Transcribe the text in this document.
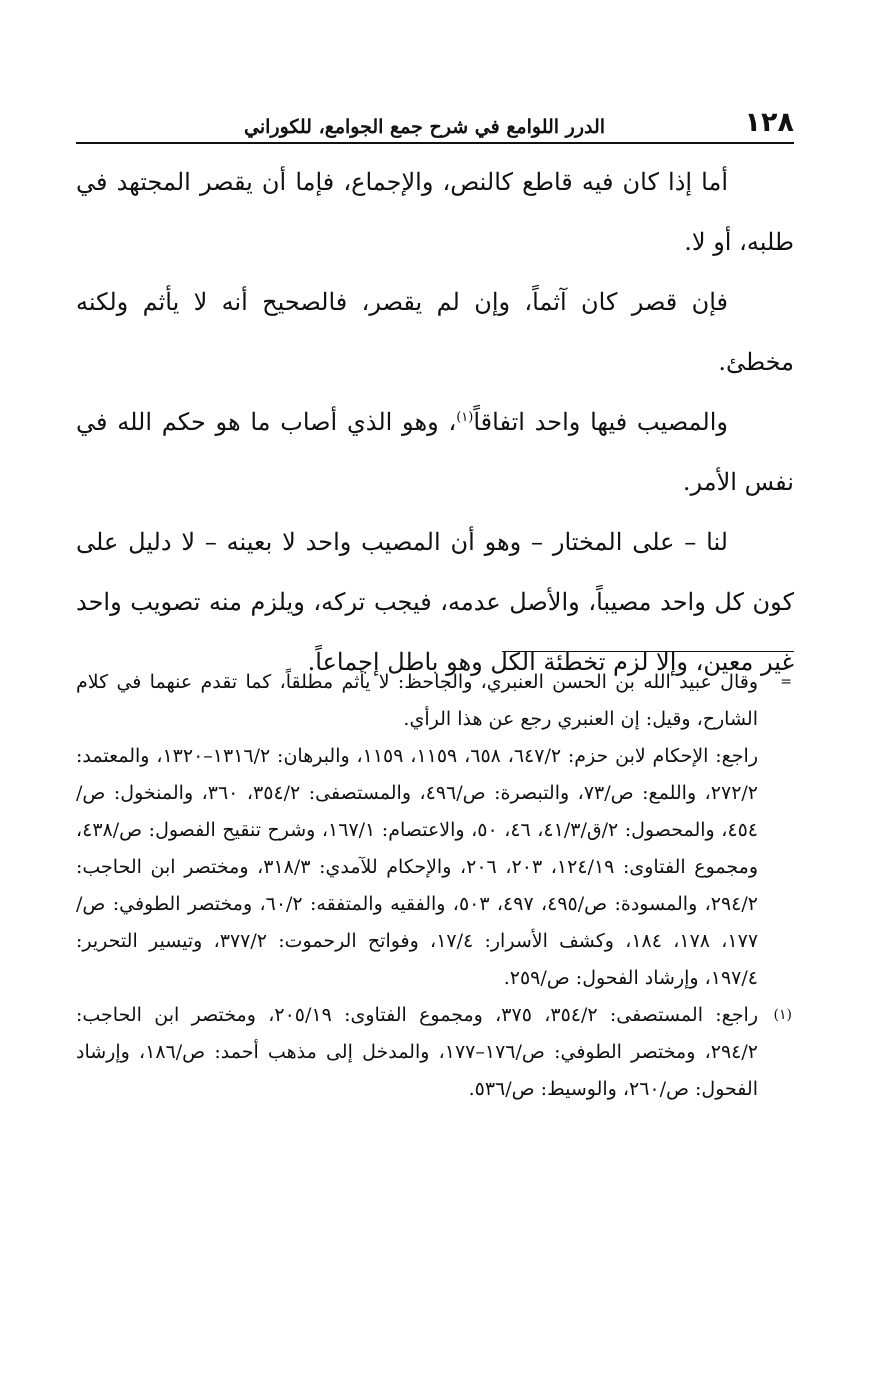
١٢٨
الدرر اللوامع في شرح جمع الجوامع، للكوراني

أما إذا كان فيه قاطع كالنص، والإجماع، فإما أن يقصر المجتهد في طلبه، أو لا.

فإن قصر كان آثماً، وإن لم يقصر، فالصحيح أنه لا يأثم ولكنه مخطئ.

والمصيب فيها واحد اتفاقاً$^{(١)}$، وهو الذي أصاب ما هو حكم الله في نفس الأمر.

لنا – على المختار – وهو أن المصيب واحد لا بعينه – لا دليل على كون كل واحد مصيباً، والأصل عدمه، فيجب تركه، ويلزم منه تصويب واحد غير معين، وإلا لزم تخطئة الكل وهو باطل إجماعاً.

=
وقال عبيد الله بن الحسن العنبري، والجاحظ: لا يأثم مطلقاً، كما تقدم عنهما في كلام الشارح، وقيل: إن العنبري رجع عن هذا الرأي.

راجع: الإحكام لابن حزم: ٦٤٧/٢، ٦٥٨، ١١٥٩، ١١٥٩، والبرهان: ١٣١٦/٢–١٣٢٠، والمعتمد: ٢٧٢/٢، واللمع: ص/٧٣، والتبصرة: ص/٤٩٦، والمستصفى: ٣٥٤/٢، ٣٦٠، والمنخول: ص/٤٥٤، والمحصول: ٢/ق/٤١/٣، ٤٦، ٥٠، والاعتصام: ١٦٧/١، وشرح تنقيح الفصول: ص/٤٣٨، ومجموع الفتاوى: ١٢٤/١٩، ٢٠٣، ٢٠٦، والإحكام للآمدي: ٣١٨/٣، ومختصر ابن الحاجب: ٢٩٤/٢، والمسودة: ص/٤٩٥، ٤٩٧، ٥٠٣، والفقيه والمتفقه: ٦٠/٢، ومختصر الطوفي: ص/١٧٧، ١٧٨، ١٨٤، وكشف الأسرار: ١٧/٤، وفواتح الرحموت: ٣٧٧/٢، وتيسير التحرير: ١٩٧/٤، وإرشاد الفحول: ص/٢٥٩.

(١)
راجع: المستصفى: ٣٥٤/٢، ٣٧٥، ومجموع الفتاوى: ٢٠٥/١٩، ومختصر ابن الحاجب: ٢٩٤/٢، ومختصر الطوفي: ص/١٧٦–١٧٧، والمدخل إلى مذهب أحمد: ص/١٨٦، وإرشاد الفحول: ص/٢٦٠، والوسيط: ص/٥٣٦.
